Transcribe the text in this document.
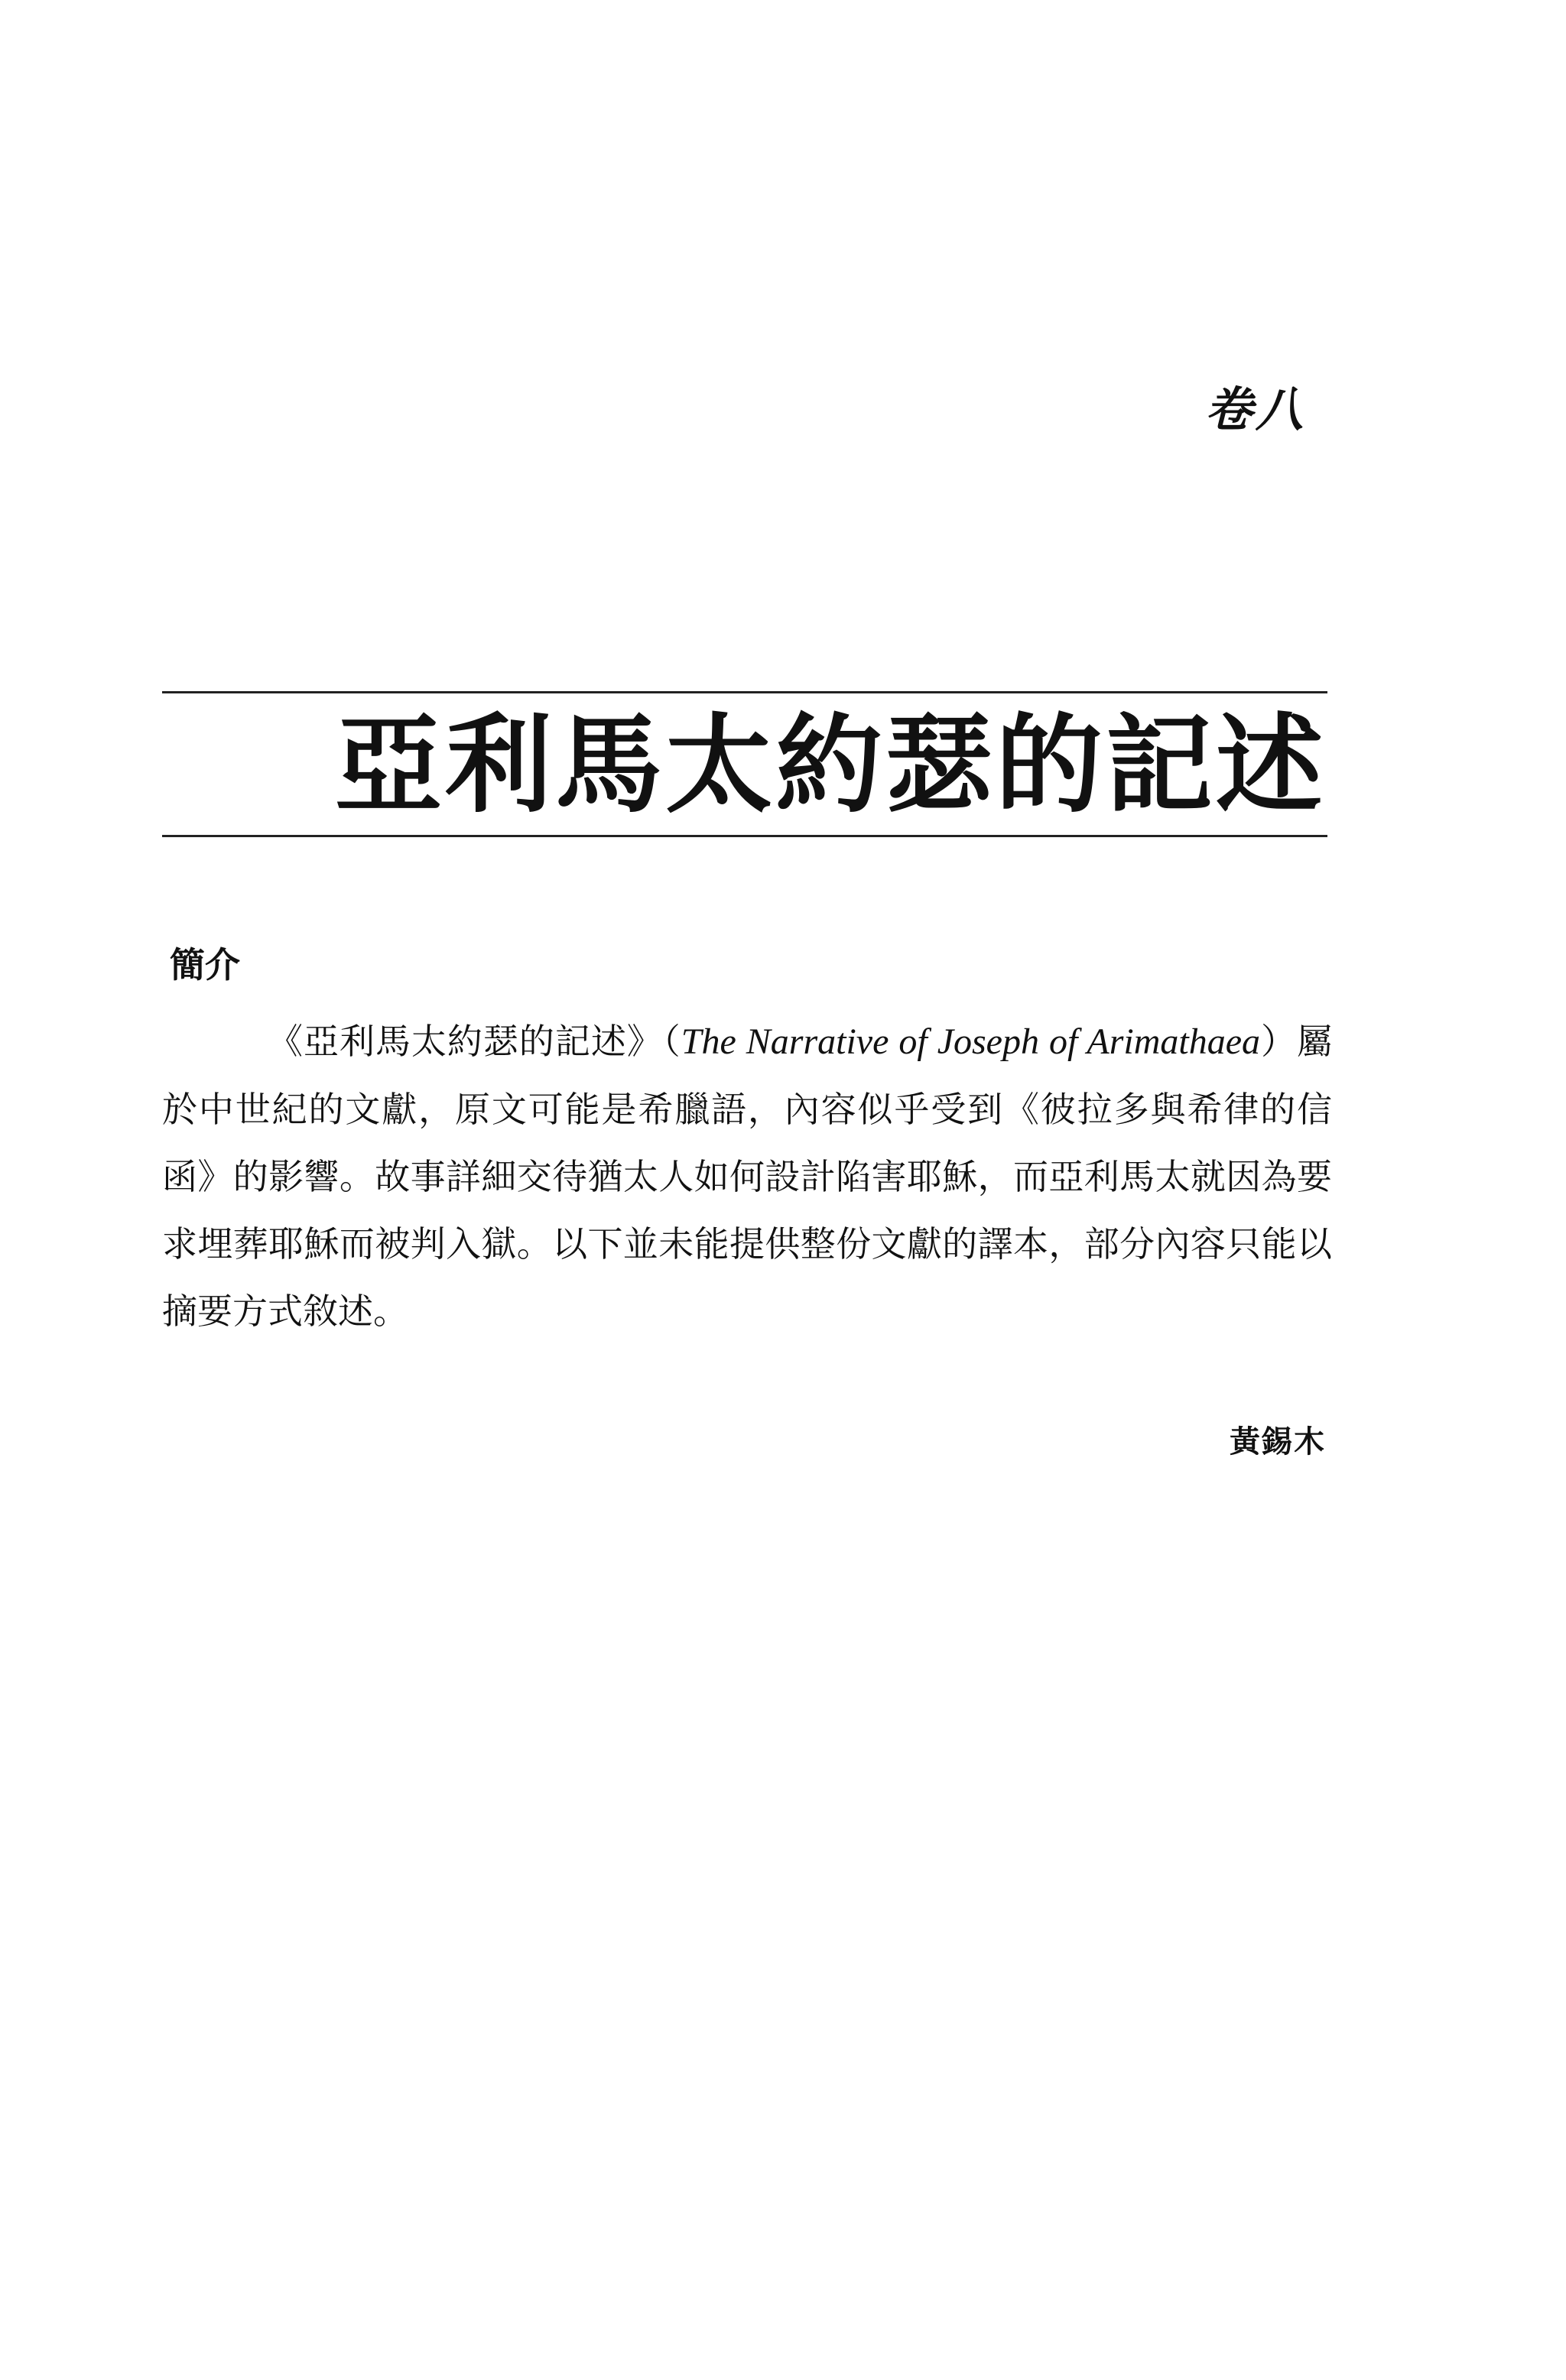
卷八
亞利馬太約瑟的記述
簡介

《亞利馬太約瑟的記述》（The Narrative of Joseph of Arimathaea）屬於中世紀的文獻，原文可能是希臘語，內容似乎受到《彼拉多與希律的信函》的影響。故事詳細交待猶太人如何設計陷害耶穌，而亞利馬太就因為要求埋葬耶穌而被判入獄。以下並未能提供整份文獻的譯本，部分內容只能以摘要方式敘述。

黃錫木
